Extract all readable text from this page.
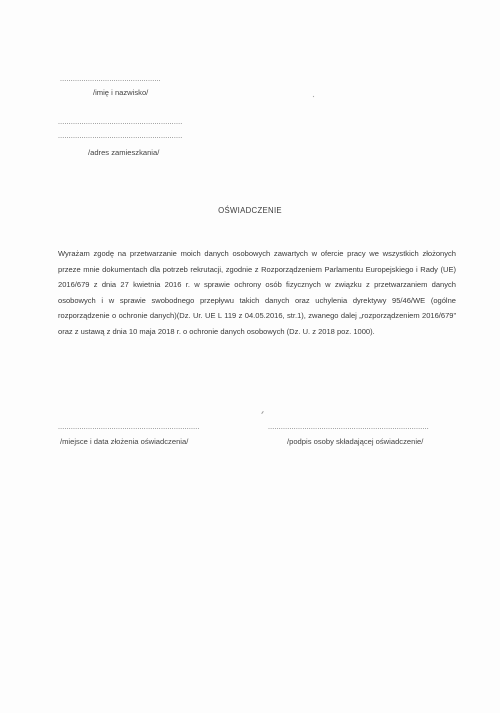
...............................................
/imię i nazwisko/
..........................................................
..........................................................
/adres zamieszkania/
OŚWIADCZENIE
Wyrażam zgodę na przetwarzanie moich danych osobowych zawartych w ofercie pracy we wszystkich złożonych przeze mnie dokumentach dla potrzeb rekrutacji, zgodnie z Rozporządzeniem Parlamentu Europejskiego i Rady (UE) 2016/679 z dnia 27 kwietnia 2016 r. w sprawie ochrony osób fizycznych w związku z przetwarzaniem danych osobowych i w sprawie swobodnego przepływu takich danych oraz uchylenia dyrektywy 95/46/WE (ogólne rozporządzenie o ochronie danych)(Dz. Ur. UE L 119 z 04.05.2016, str.1), zwanego dalej „rozporządzeniem 2016/679” oraz z ustawą z dnia 10 maja 2018 r. o ochronie danych osobowych (Dz. U. z 2018 poz. 1000).
..................................................................
/miejsce i data złożenia oświadczenia/
...........................................................................
/podpis osoby składającej oświadczenie/
